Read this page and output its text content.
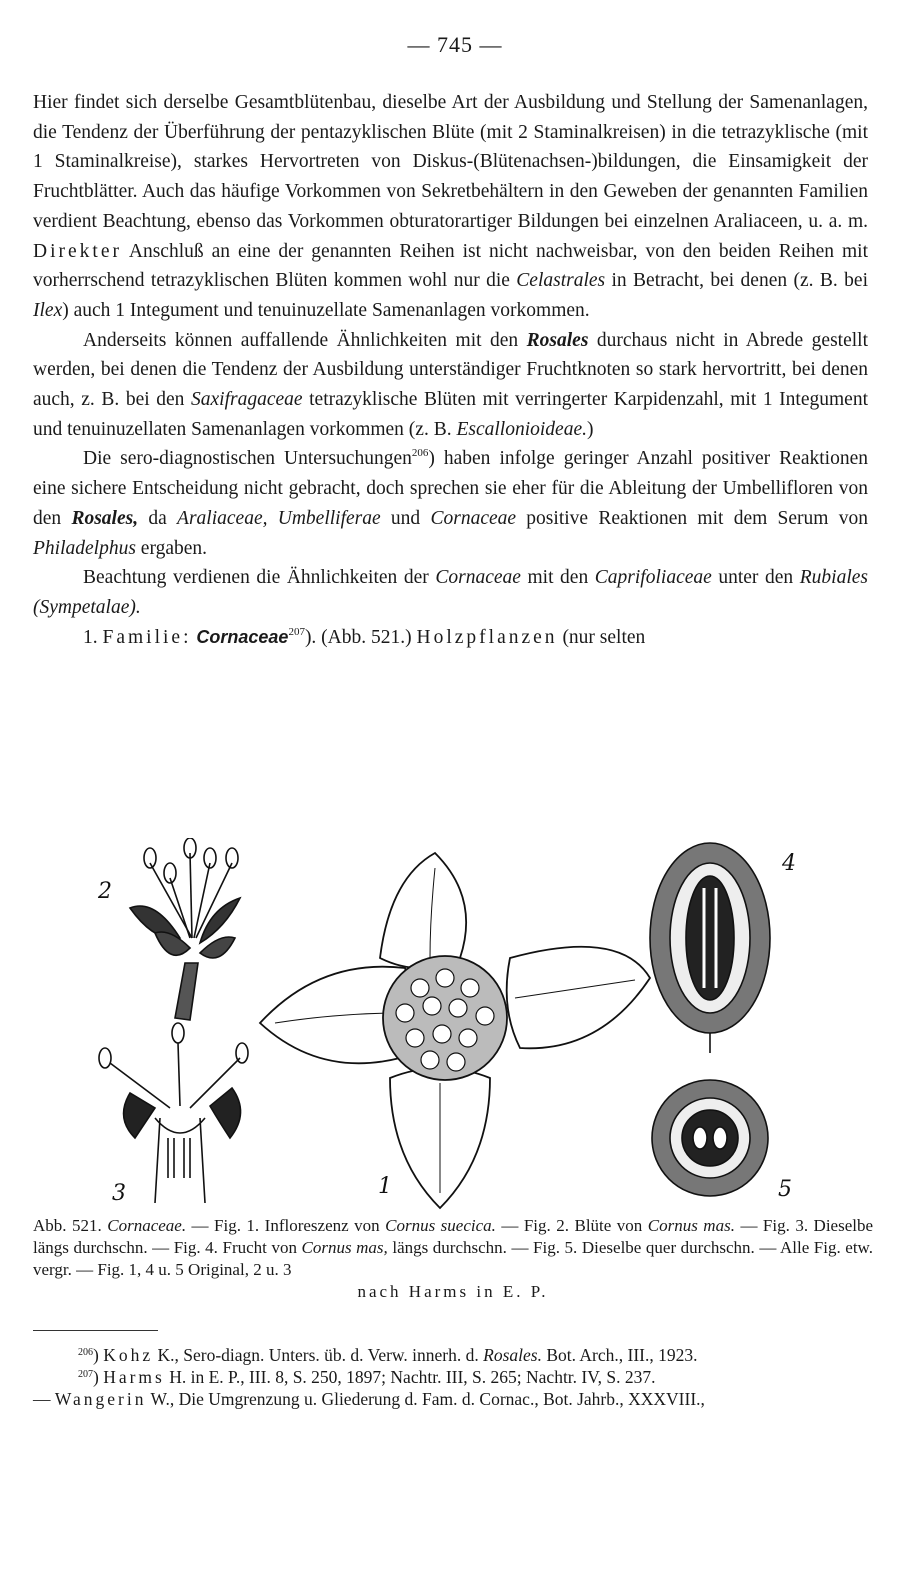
— 745 —

Hier findet sich derselbe Gesamtblütenbau, dieselbe Art der Ausbildung und Stellung der Samenanlagen, die Tendenz der Überführung der pentazyklischen Blüte (mit 2 Staminalkreisen) in die tetrazyklische (mit 1 Staminalkreise), starkes Hervortreten von Diskus-(Blütenachsen-)bildungen, die Einsamigkeit der Fruchtblätter. Auch das häufige Vorkommen von Sekretbehältern in den Geweben der genannten Familien verdient Beachtung, ebenso das Vorkommen obturatorartiger Bildungen bei einzelnen Araliaceen, u. a. m. Direkter Anschluß an eine der genannten Reihen ist nicht nachweisbar, von den beiden Reihen mit vorherrschend tetrazyklischen Blüten kommen wohl nur die Celastrales in Betracht, bei denen (z. B. bei Ilex) auch 1 Integument und tenuinuzellate Samenanlagen vorkommen.

Anderseits können auffallende Ähnlichkeiten mit den Rosales durchaus nicht in Abrede gestellt werden, bei denen die Tendenz der Ausbildung unterständiger Fruchtknoten so stark hervortritt, bei denen auch, z. B. bei den Saxifragaceae tetrazyklische Blüten mit verringerter Karpidenzahl, mit 1 Integument und tenuinuzellaten Samenanlagen vorkommen (z. B. Escallonioideae.)

Die sero-diagnostischen Untersuchungen$^{206}$) haben infolge geringer Anzahl positiver Reaktionen eine sichere Entscheidung nicht gebracht, doch sprechen sie eher für die Ableitung der Umbellifloren von den Rosales, da Araliaceae, Umbelliferae und Cornaceae positive Reaktionen mit dem Serum von Philadelphus ergaben.

Beachtung verdienen die Ähnlichkeiten der Cornaceae mit den Caprifoliaceae unter den Rubiales (Sympetalae).

1. Familie: Cornaceae$^{207}$). (Abb. 521.) Holzpflanzen (nur selten

2
3	1
4
5
Abb. 521. Cornaceae. — Fig. 1. Infloreszenz von Cornus suecica. — Fig. 2. Blüte von Cornus mas. — Fig. 3. Dieselbe längs durchschn. — Fig. 4. Frucht von Cornus mas, längs durchschn. — Fig. 5. Dieselbe quer durchschn. — Alle Fig. etw. vergr. — Fig. 1, 4 u. 5 Original, 2 u. 3
nach Harms in E. P.

$^{206}$) Kohz K., Sero-diagn. Unters. üb. d. Verw. innerh. d. Rosales. Bot. Arch., III., 1923.

$^{207}$) Harms H. in E. P., III. 8, S. 250, 1897; Nachtr. III, S. 265; Nachtr. IV, S. 237.

— Wangerin W., Die Umgrenzung u. Gliederung d. Fam. d. Cornac., Bot. Jahrb., XXXVIII.,
